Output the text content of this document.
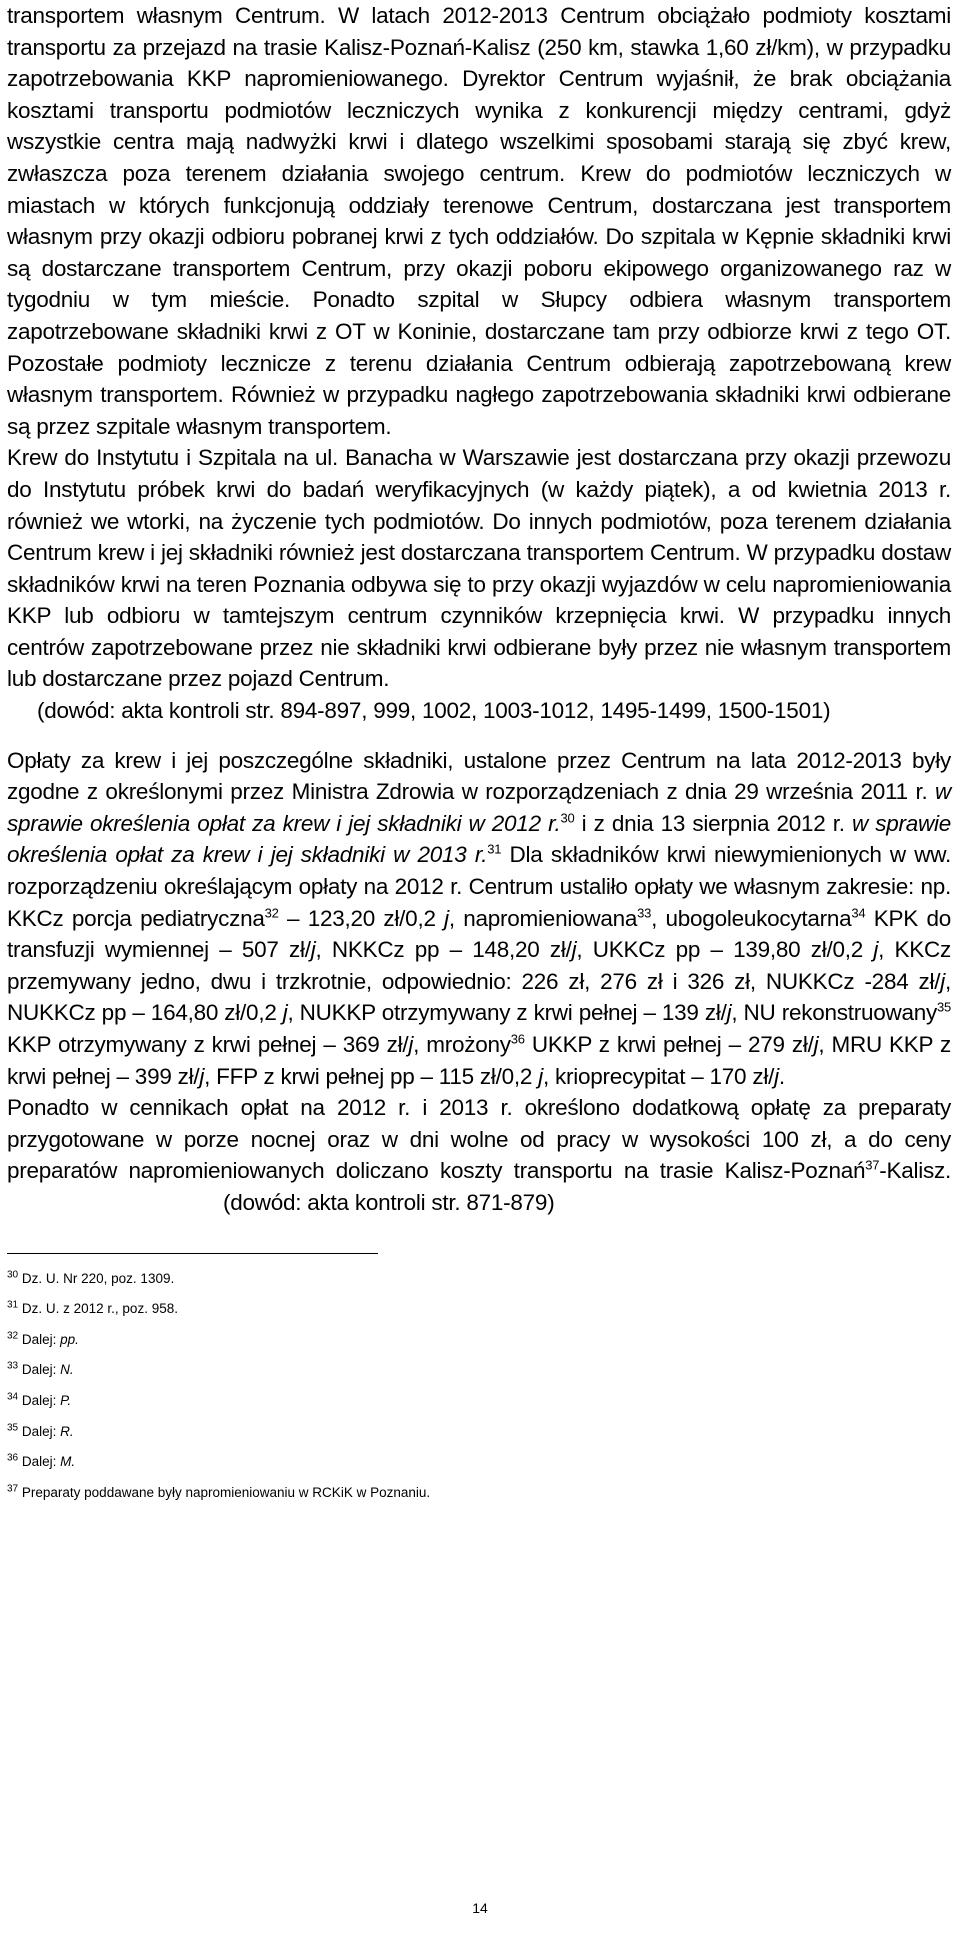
transportem własnym Centrum. W latach 2012-2013 Centrum obciążało podmioty kosztami transportu za przejazd na trasie Kalisz-Poznań-Kalisz (250 km, stawka 1,60 zł/km), w przypadku zapotrzebowania KKP napromieniowanego. Dyrektor Centrum wyjaśnił, że brak obciążania kosztami transportu podmiotów leczniczych wynika z konkurencji między centrami, gdyż wszystkie centra mają nadwyżki krwi i dlatego wszelkimi sposobami starają się zbyć krew, zwłaszcza poza terenem działania swojego centrum. Krew do podmiotów leczniczych w miastach w których funkcjonują oddziały terenowe Centrum, dostarczana jest transportem własnym przy okazji odbioru pobranej krwi z tych oddziałów. Do szpitala w Kępnie składniki krwi są dostarczane transportem Centrum, przy okazji poboru ekipowego organizowanego raz w tygodniu w tym mieście. Ponadto szpital w Słupcy odbiera własnym transportem zapotrzebowane składniki krwi z OT w Koninie, dostarczane tam przy odbiorze krwi z tego OT. Pozostałe podmioty lecznicze z terenu działania Centrum odbierają zapotrzebowaną krew własnym transportem. Również w przypadku nagłego zapotrzebowania składniki krwi odbierane są przez szpitale własnym transportem.

Krew do Instytutu i Szpitala na ul. Banacha w Warszawie jest dostarczana przy okazji przewozu do Instytutu próbek krwi do badań weryfikacyjnych (w każdy piątek), a od kwietnia 2013 r. również we wtorki, na życzenie tych podmiotów. Do innych podmiotów, poza terenem działania Centrum krew i jej składniki również jest dostarczana transportem Centrum. W przypadku dostaw składników krwi na teren Poznania odbywa się to przy okazji wyjazdów w celu napromieniowania KKP lub odbioru w tamtejszym centrum czynników krzepnięcia krwi. W przypadku innych centrów zapotrzebowane przez nie składniki krwi odbierane były przez nie własnym transportem lub dostarczane przez pojazd Centrum.

(dowód: akta kontroli str. 894-897, 999, 1002, 1003-1012, 1495-1499, 1500-1501)

Opłaty za krew i jej poszczególne składniki, ustalone przez Centrum na lata 2012-2013 były zgodne z określonymi przez Ministra Zdrowia w rozporządzeniach z dnia 29 września 2011 r. w sprawie określenia opłat za krew i jej składniki w 2012 r.$^{30}$ i z dnia 13 sierpnia 2012 r. w sprawie określenia opłat za krew i jej składniki w 2013 r.$^{31}$ Dla składników krwi niewymienionych w ww. rozporządzeniu określającym opłaty na 2012 r. Centrum ustaliło opłaty we własnym zakresie: np. KKCz porcja pediatryczna$^{32}$ – 123,20 zł/0,2 j, napromieniowana$^{33}$, ubogoleukocytarna$^{34}$ KPK do transfuzji wymiennej – 507 zł/j, NKKCz pp – 148,20 zł/j, UKKCz pp – 139,80 zł/0,2 j, KKCz przemywany jedno, dwu i trzkrotnie, odpowiednio: 226 zł, 276 zł i 326 zł, NUKKCz -284 zł/j, NUKKCz pp – 164,80 zł/0,2 j, NUKKP otrzymywany z krwi pełnej – 139 zł/j, NU rekonstruowany$^{35}$ KKP otrzymywany z krwi pełnej – 369 zł/j, mrożony$^{36}$ UKKP z krwi pełnej – 279 zł/j, MRU KKP z krwi pełnej – 399 zł/j, FFP z krwi pełnej pp – 115 zł/0,2 j, krioprecypitat – 170 zł/j.

Ponadto w cennikach opłat na 2012 r. i 2013 r. określono dodatkową opłatę za preparaty przygotowane w porze nocnej oraz w dni wolne od pracy w wysokości 100 zł, a do ceny preparatów napromieniowanych doliczano koszty transportu na trasie Kalisz-Poznań$^{37}$-Kalisz.(dowód: akta kontroli str. 871-879)

$^{30}$ Dz. U. Nr 220, poz. 1309.

$^{31}$ Dz. U. z 2012 r., poz. 958.

$^{32}$ Dalej: pp.

$^{33}$ Dalej: N.

$^{34}$ Dalej: P.

$^{35}$ Dalej: R.

$^{36}$ Dalej: M.

$^{37}$ Preparaty poddawane były napromieniowaniu w RCKiK w Poznaniu.

14
